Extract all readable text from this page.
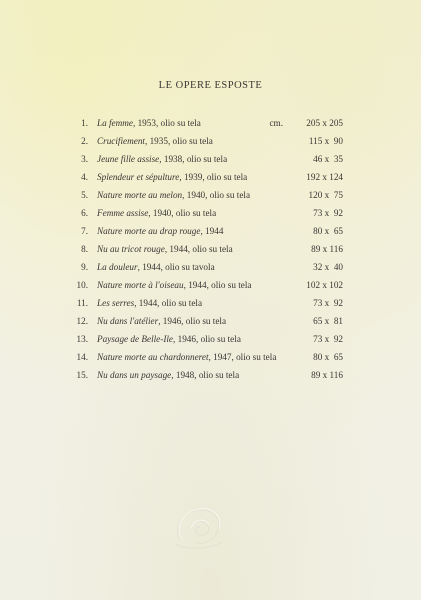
LE OPERE ESPOSTE
cm.
1. La femme, 1953, olio su tela	205 x 205
2. Crucifiement, 1935, olio su tela	115 x  90
3. Jeune fille assise, 1938, olio su tela	46 x  35
4. Splendeur et sépulture, 1939, olio su tela	192 x 124
5. Nature morte au melon, 1940, olio su tela	120 x  75
6. Femme assise, 1940, olio su tela	73 x  92
7. Nature morte au drap rouge, 1944	80 x  65
8. Nu au tricot rouge, 1944, olio su tela	89 x 116
9. La douleur, 1944, olio su tavola	32 x  40
10. Nature morte à l'oiseau, 1944, olio su tela	102 x 102
11. Les serres, 1944, olio su tela	73 x  92
12. Nu dans l'atélier, 1946, olio su tela	65 x  81
13. Paysage de Belle-Ile, 1946, olio su tela	73 x  92
14. Nature morte au chardonneret, 1947, olio su tela	80 x  65
15. Nu dans un paysage, 1948, olio su tela	89 x 116
